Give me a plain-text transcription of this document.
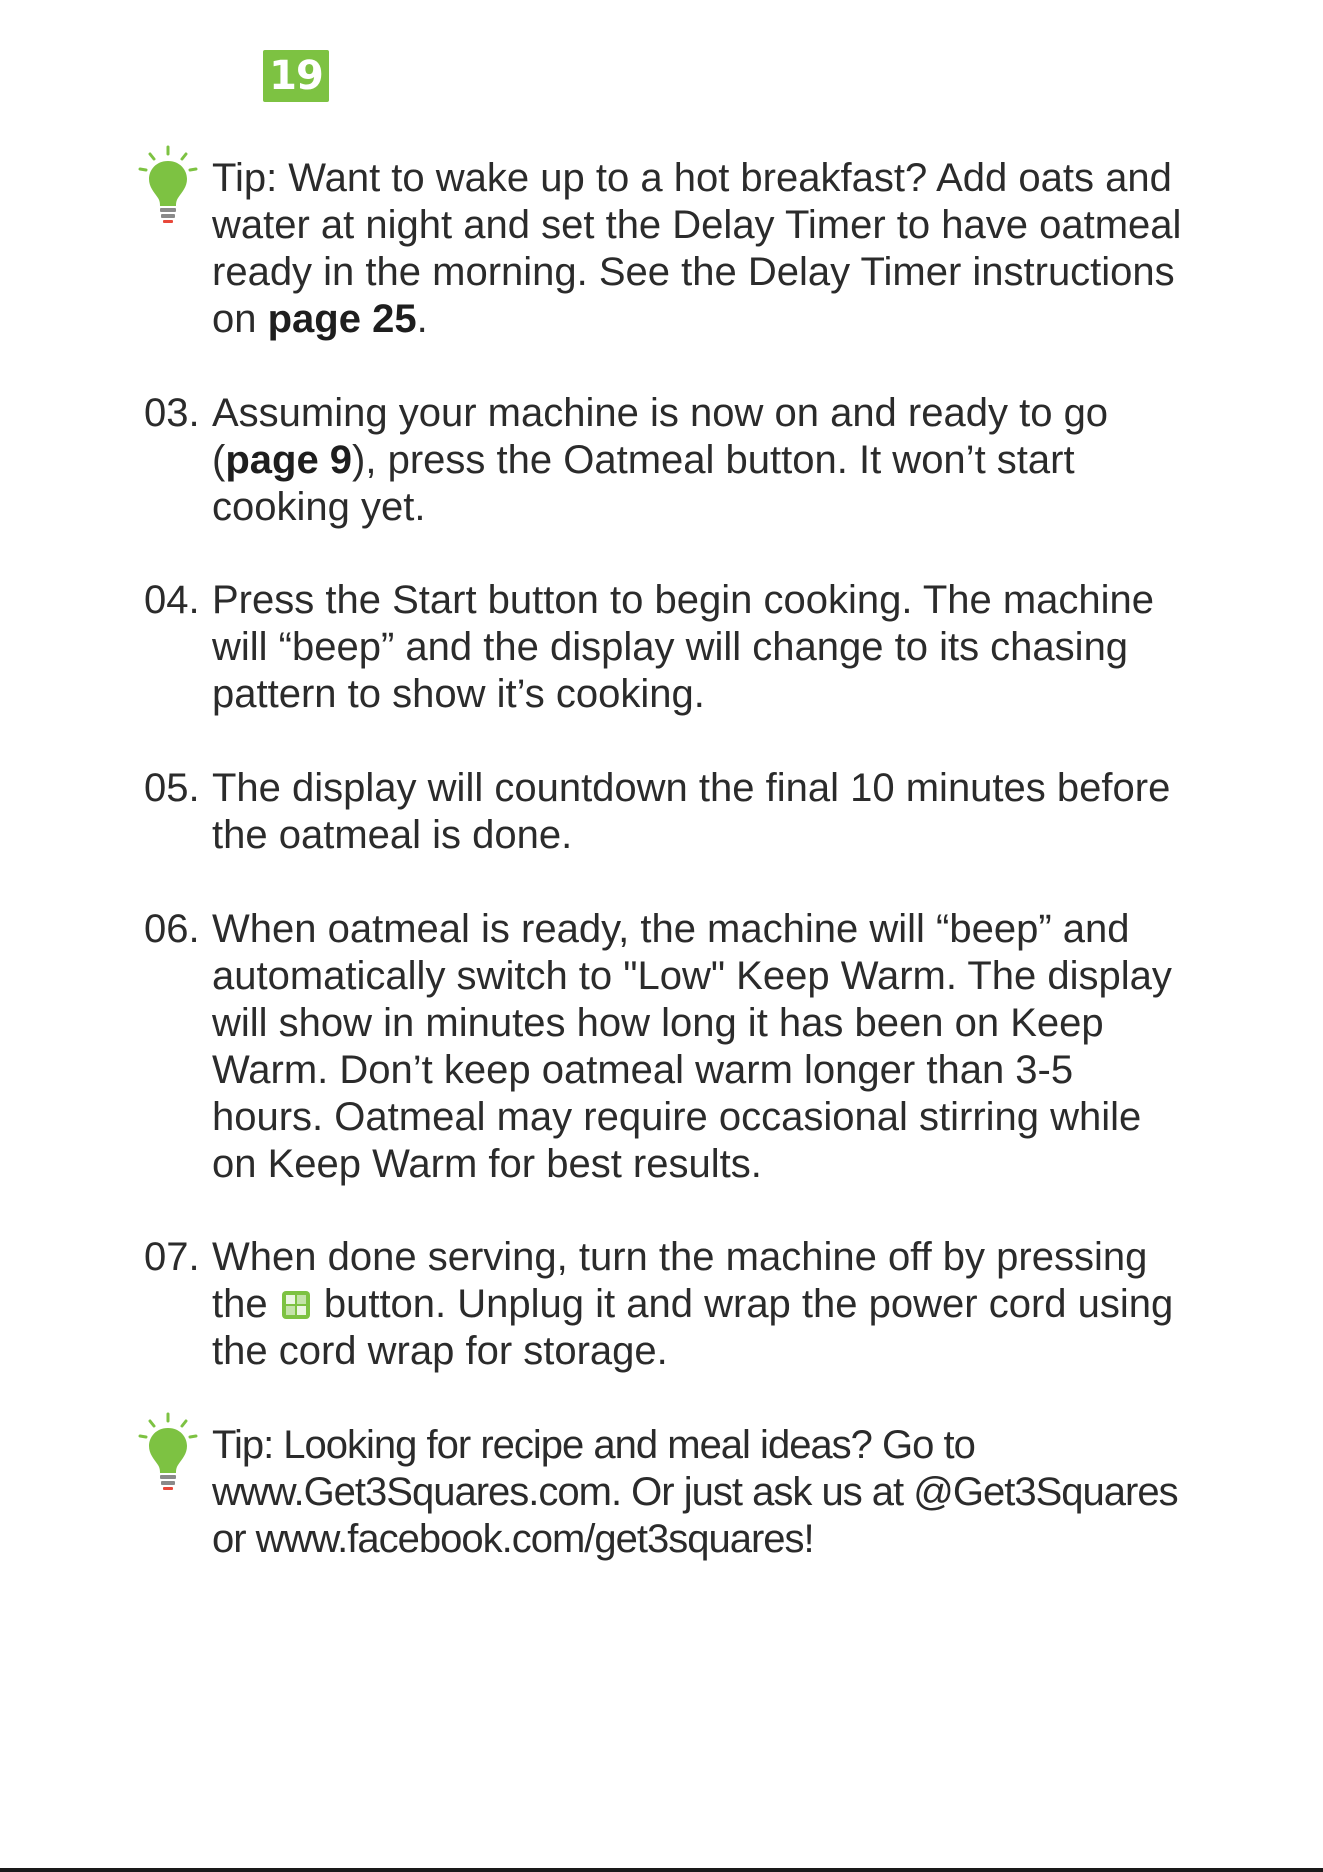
19
Tip: Want to wake up to a hot breakfast? Add oats and water at night and set the Delay Timer to have oatmeal ready in the morning. See the Delay Timer instructions on page 25.
03. Assuming your machine is now on and ready to go (page 9), press the Oatmeal button. It won’t start cooking yet.
04. Press the Start button to begin cooking. The machine will “beep” and the display will change to its chasing pattern to show it’s cooking.
05. The display will countdown the final 10 minutes before the oatmeal is done.
06. When oatmeal is ready, the machine will “beep” and automatically switch to "Low" Keep Warm. The display will show in minutes how long it has been on Keep Warm. Don’t keep oatmeal warm longer than 3-5 hours. Oatmeal may require occasional stirring while on Keep Warm for best results.
07. When done serving, turn the machine off by pressing the  button. Unplug it and wrap the power cord using the cord wrap for storage.
Tip: Looking for recipe and meal ideas? Go to www.Get3Squares.com. Or just ask us at @Get3Squares or www.facebook.com/get3squares!
